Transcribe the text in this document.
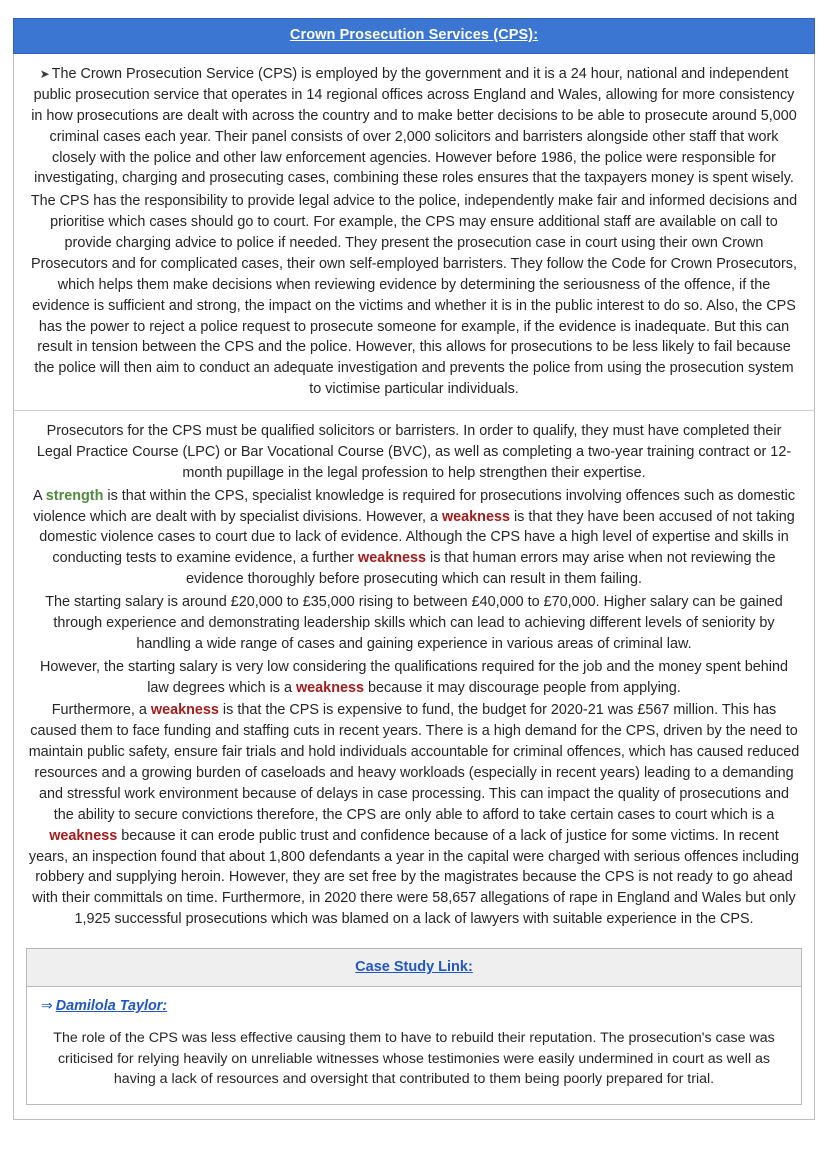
Crown Prosecution Services (CPS):

➤ The Crown Prosecution Service (CPS) is employed by the government and it is a 24 hour, national and independent public prosecution service that operates in 14 regional offices across England and Wales, allowing for more consistency in how prosecutions are dealt with across the country and to make better decisions to be able to prosecute around 5,000 criminal cases each year. Their panel consists of over 2,000 solicitors and barristers alongside other staff that work closely with the police and other law enforcement agencies. However before 1986, the police were responsible for investigating, charging and prosecuting cases, combining these roles ensures that the taxpayers money is spent wisely.

The CPS has the responsibility to provide legal advice to the police, independently make fair and informed decisions and prioritise which cases should go to court. For example, the CPS may ensure additional staff are available on call to provide charging advice to police if needed. They present the prosecution case in court using their own Crown Prosecutors and for complicated cases, their own self-employed barristers. They follow the Code for Crown Prosecutors, which helps them make decisions when reviewing evidence by determining the seriousness of the offence, if the evidence is sufficient and strong, the impact on the victims and whether it is in the public interest to do so. Also, the CPS has the power to reject a police request to prosecute someone for example, if the evidence is inadequate. But this can result in tension between the CPS and the police. However, this allows for prosecutions to be less likely to fail because the police will then aim to conduct an adequate investigation and prevents the police from using the prosecution system to victimise particular individuals.

Prosecutors for the CPS must be qualified solicitors or barristers. In order to qualify, they must have completed their Legal Practice Course (LPC) or Bar Vocational Course (BVC), as well as completing a two-year training contract or 12-month pupillage in the legal profession to help strengthen their expertise.

A strength is that within the CPS, specialist knowledge is required for prosecutions involving offences such as domestic violence which are dealt with by specialist divisions. However, a weakness is that they have been accused of not taking domestic violence cases to court due to lack of evidence. Although the CPS have a high level of expertise and skills in conducting tests to examine evidence, a further weakness is that human errors may arise when not reviewing the evidence thoroughly before prosecuting which can result in them failing.

The starting salary is around £20,000 to £35,000 rising to between £40,000 to £70,000. Higher salary can be gained through experience and demonstrating leadership skills which can lead to achieving different levels of seniority by handling a wide range of cases and gaining experience in various areas of criminal law.

However, the starting salary is very low considering the qualifications required for the job and the money spent behind law degrees which is a weakness because it may discourage people from applying.

Furthermore, a weakness is that the CPS is expensive to fund, the budget for 2020-21 was £567 million. This has caused them to face funding and staffing cuts in recent years. There is a high demand for the CPS, driven by the need to maintain public safety, ensure fair trials and hold individuals accountable for criminal offences, which has caused reduced resources and a growing burden of caseloads and heavy workloads (especially in recent years) leading to a demanding and stressful work environment because of delays in case processing. This can impact the quality of prosecutions and the ability to secure convictions therefore, the CPS are only able to afford to take certain cases to court which is a weakness because it can erode public trust and confidence because of a lack of justice for some victims. In recent years, an inspection found that about 1,800 defendants a year in the capital were charged with serious offences including robbery and supplying heroin. However, they are set free by the magistrates because the CPS is not ready to go ahead with their committals on time. Furthermore, in 2020 there were 58,657 allegations of rape in England and Wales but only 1,925 successful prosecutions which was blamed on a lack of lawyers with suitable experience in the CPS.

Case Study Link:

⇒ Damilola Taylor:

The role of the CPS was less effective causing them to have to rebuild their reputation. The prosecution's case was criticised for relying heavily on unreliable witnesses whose testimonies were easily undermined in court as well as having a lack of resources and oversight that contributed to them being poorly prepared for trial.
